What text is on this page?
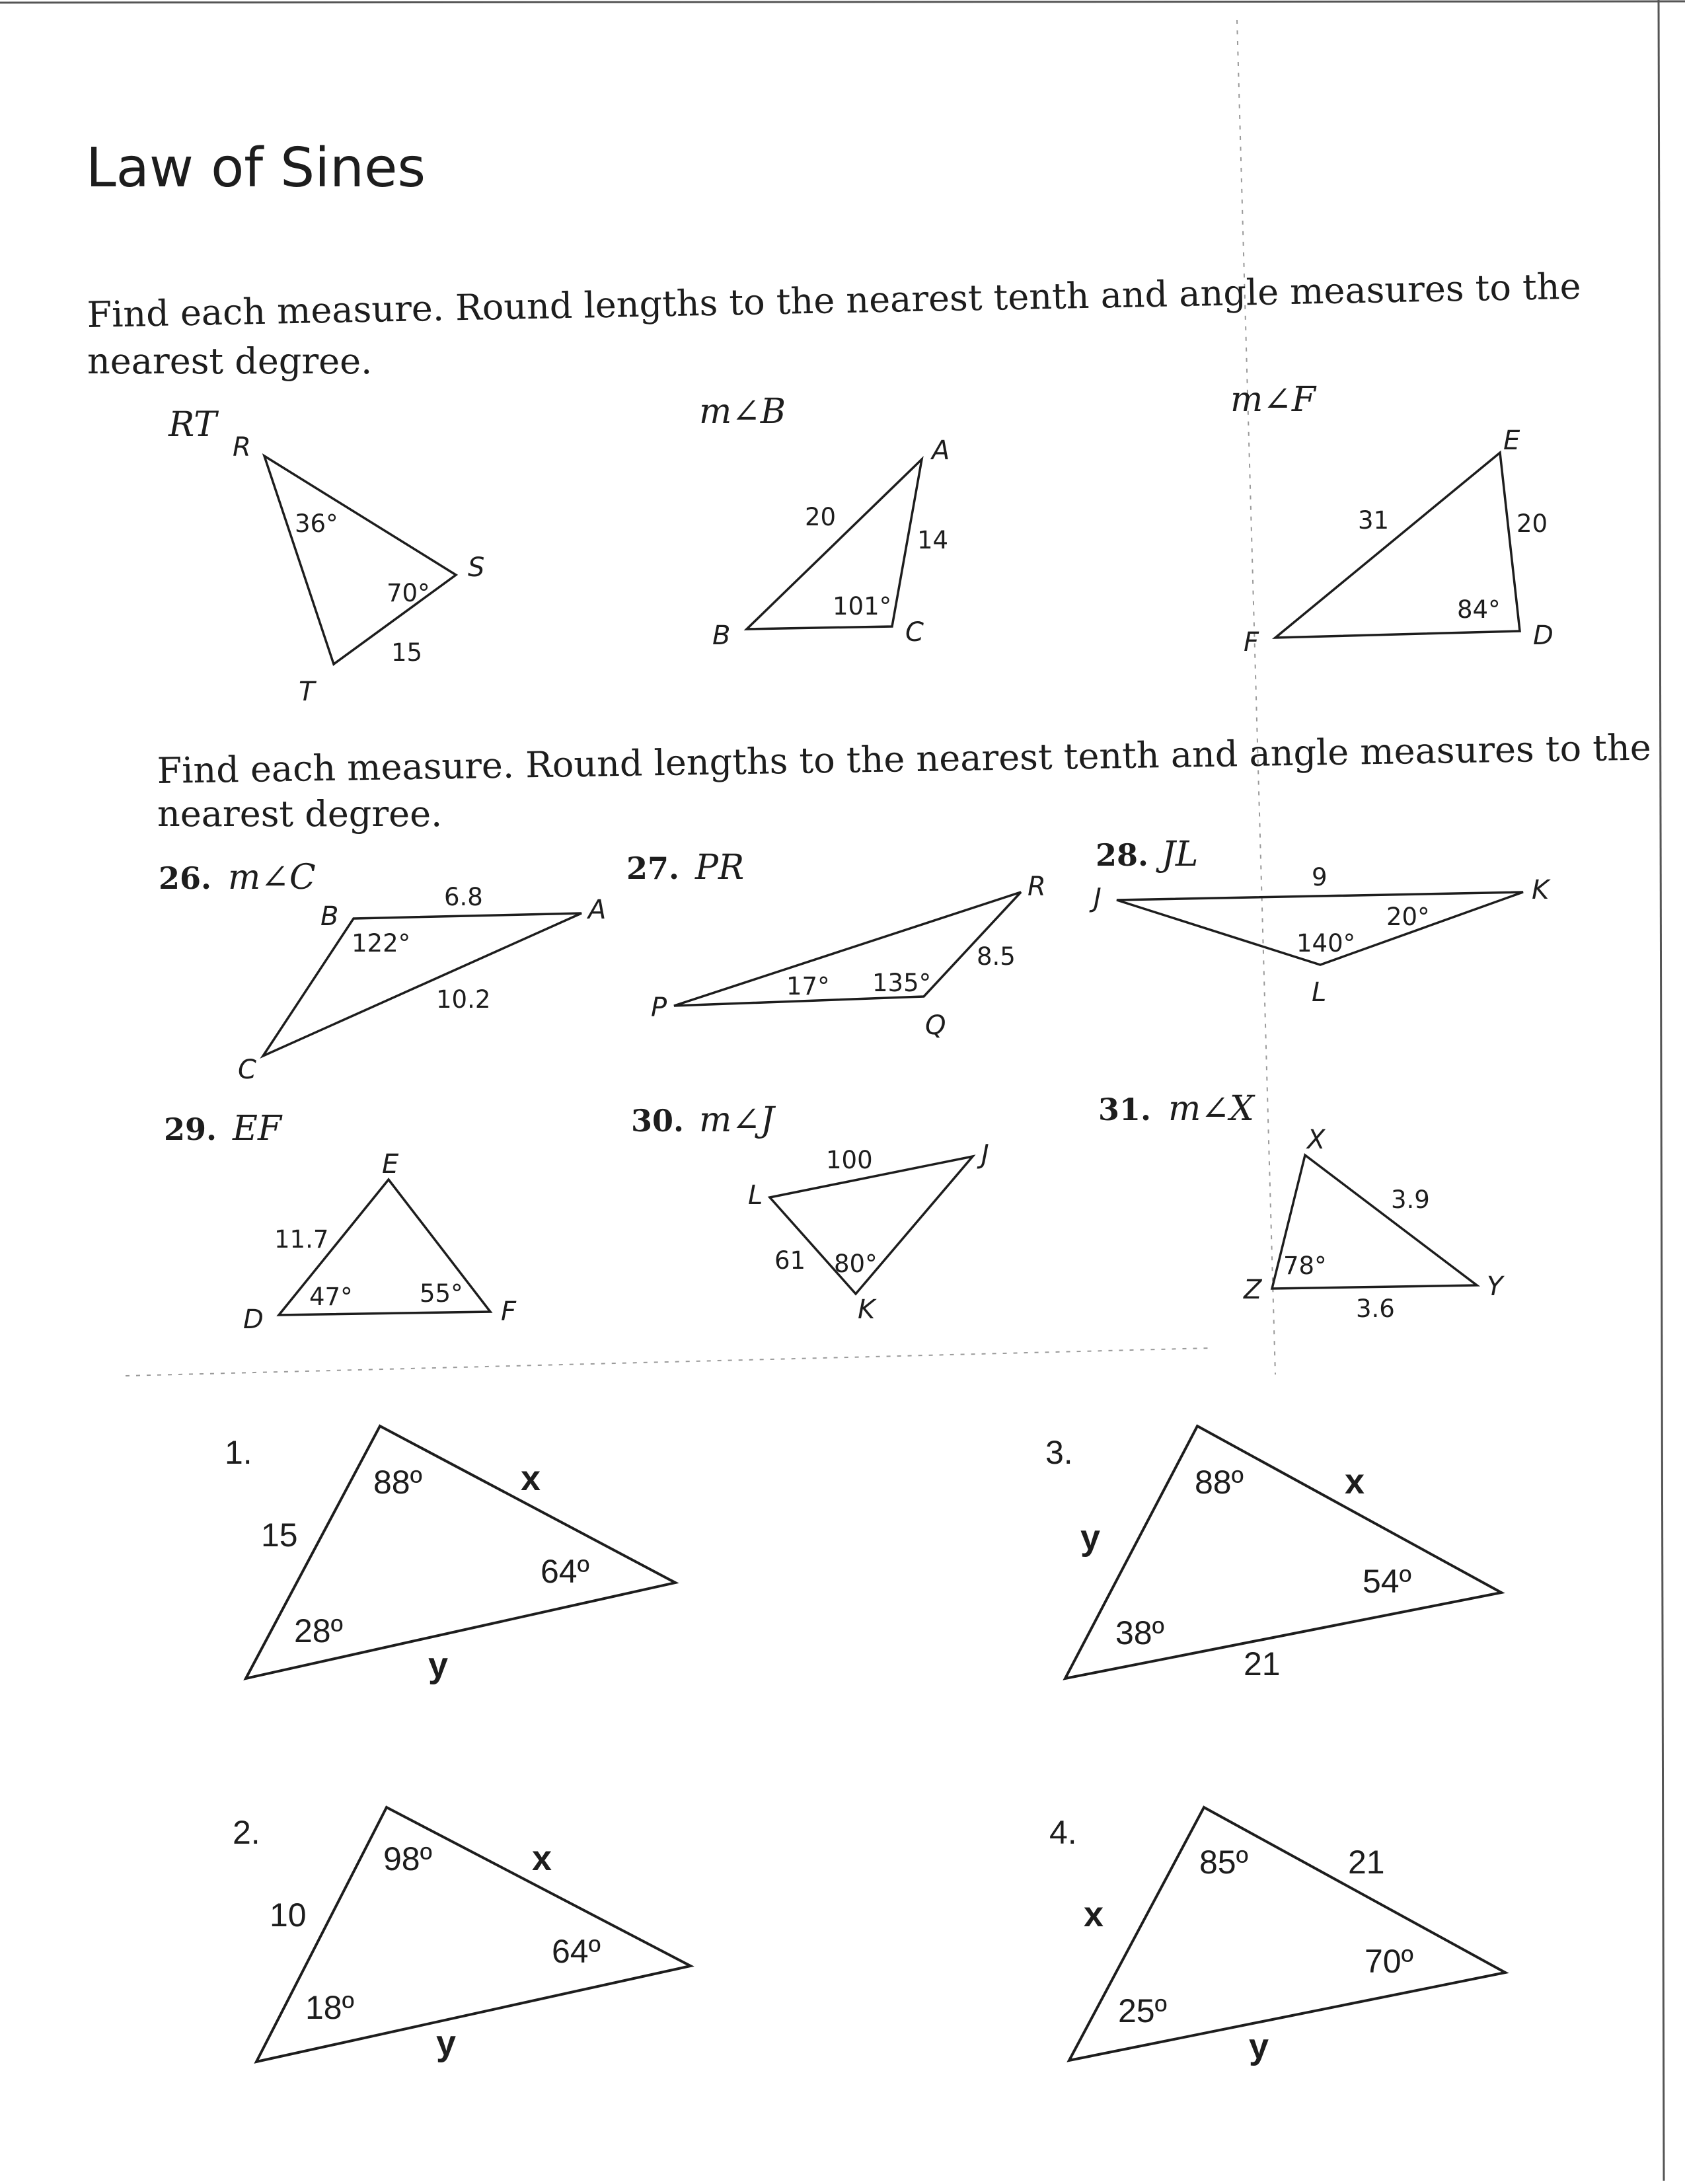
Law of Sines
Find each measure. Round lengths to the nearest tenth and angle measures to the
nearest degree.
RT
R
S
T
36°
70°
15
m∠B
A
B	C
20
14
101°
m∠F
E
D
F
31	20
84°
Find each measure. Round lengths to the nearest tenth and angle measures to the
nearest degree.
26. m∠C
B	A
C
6.8
10.2
122°
27. PR
P
Q
R
17° 135°
8.5
28. JL
J	K
L
9
20°
140°
29. EF
E
D	F
11.7
47°	55°
30. m∠J
L
J
K
100
61 80°
31. m∠X
X
Y
Z
3.9
3.6
78°
1.
88º
64º
28º
15
x
y
2.
98º
64º
18º
10
x
y
3.
88º
54º
38º
21
y
x
4.
85º
70º
25º
21
x
y
